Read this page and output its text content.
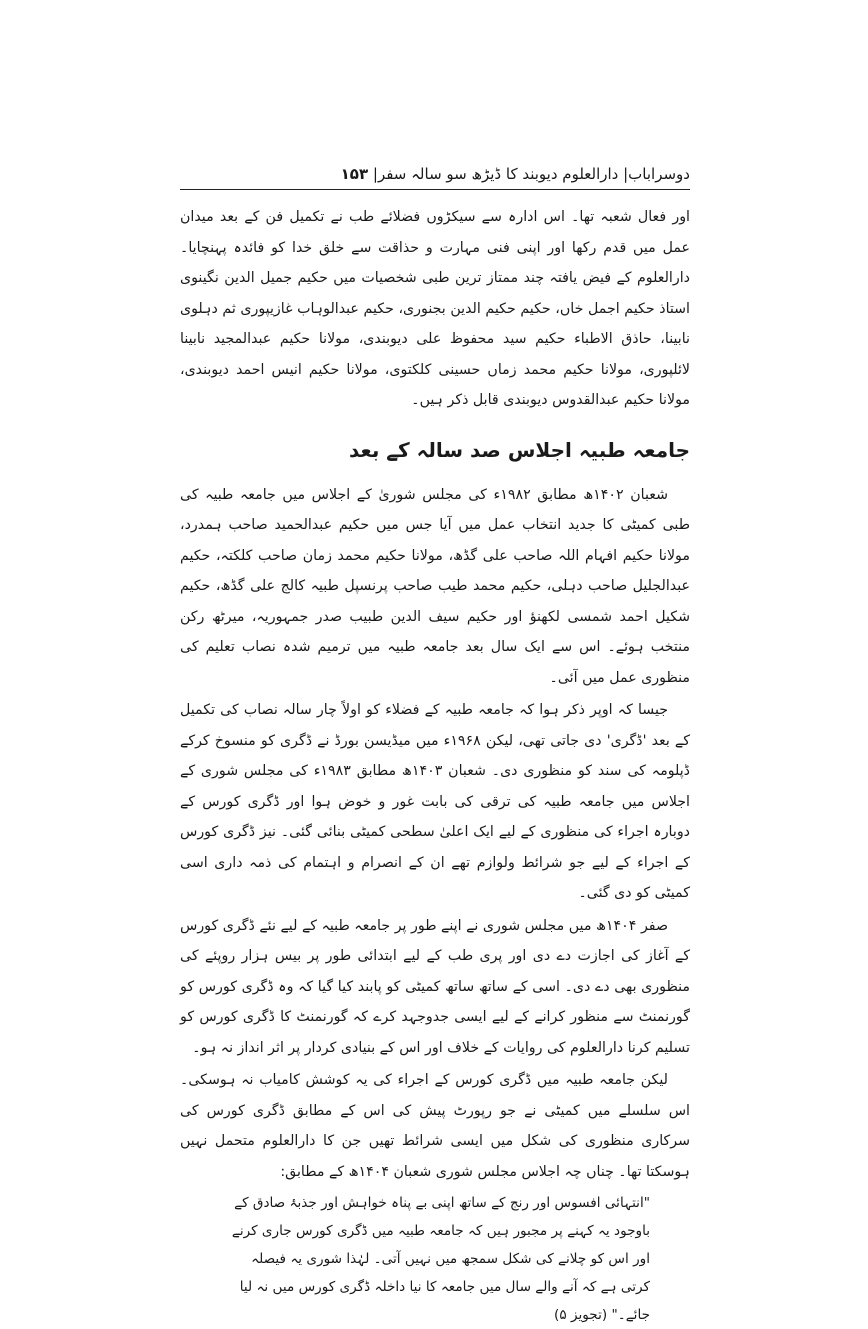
دوسراباب| دارالعلوم دیوبند کا ڈیڑھ سو سالہ سفر| ۱۵۳

اور فعال شعبہ تھا۔ اس ادارہ سے سیکڑوں فضلائے طب نے تکمیل فن کے بعد میدان عمل میں قدم رکھا اور اپنی فنی مہارت و حذاقت سے خلق خدا کو فائدہ پہنچایا۔ دارالعلوم کے فیض یافتہ چند ممتاز ترین طبی شخصیات میں حکیم جمیل الدین نگینوی استاذ حکیم اجمل خاں، حکیم حکیم الدین بجنوری، حکیم عبدالوہاب غازیپوری ثم دہلوی نابینا، حاذق الاطباء حکیم سید محفوظ علی دیوبندی، مولانا حکیم عبدالمجید نابینا لائلپوری، مولانا حکیم محمد زماں حسینی کلکتوی، مولانا حکیم انیس احمد دیوبندی، مولانا حکیم عبدالقدوس دیوبندی قابل ذکر ہیں۔

جامعہ طبیہ اجلاس صد سالہ کے بعد

شعبان ۱۴۰۲ھ مطابق ۱۹۸۲ء کی مجلس شوریٰ کے اجلاس میں جامعہ طبیہ کی طبی کمیٹی کا جدید انتخاب عمل میں آیا جس میں حکیم عبدالحمید صاحب ہمدرد، مولانا حکیم افہام اللہ صاحب علی گڈھ، مولانا حکیم محمد زمان صاحب کلکتہ، حکیم عبدالجلیل صاحب دہلی، حکیم محمد طیب صاحب پرنسپل طبیہ کالج علی گڈھ، حکیم شکیل احمد شمسی لکھنؤ اور حکیم سیف الدین طبیب صدر جمہوریہ، میرٹھ رکن منتخب ہوئے۔ اس سے ایک سال بعد جامعہ طبیہ میں ترمیم شدہ نصاب تعلیم کی منظوری عمل میں آئی۔

جیسا کہ اوپر ذکر ہوا کہ جامعہ طبیہ کے فضلاء کو اولاً چار سالہ نصاب کی تکمیل کے بعد 'ڈگری' دی جاتی تھی، لیکن ۱۹۶۸ء میں میڈیسن بورڈ نے ڈگری کو منسوخ کرکے ڈپلومہ کی سند کو منظوری دی۔ شعبان ۱۴۰۳ھ مطابق ۱۹۸۳ء کی مجلس شوری کے اجلاس میں جامعہ طبیہ کی ترقی کی بابت غور و خوض ہوا اور ڈگری کورس کے دوبارہ اجراء کی منظوری کے لیے ایک اعلیٰ سطحی کمیٹی بنائی گئی۔ نیز ڈگری کورس کے اجراء کے لیے جو شرائط ولوازم تھے ان کے انصرام و اہتمام کی ذمہ داری اسی کمیٹی کو دی گئی۔

صفر ۱۴۰۴ھ میں مجلس شوری نے اپنے طور پر جامعہ طبیہ کے لیے نئے ڈگری کورس کے آغاز کی اجازت دے دی اور پری طب کے لیے ابتدائی طور پر بیس ہزار روپئے کی منظوری بھی دے دی۔ اسی کے ساتھ ساتھ کمیٹی کو پابند کیا گیا کہ وہ ڈگری کورس کو گورنمنٹ سے منظور کرانے کے لیے ایسی جدوجہد کرے کہ گورنمنٹ کا ڈگری کورس کو تسلیم کرنا دارالعلوم کی روایات کے خلاف اور اس کے بنیادی کردار پر اثر انداز نہ ہو۔

لیکن جامعہ طبیہ میں ڈگری کورس کے اجراء کی یہ کوشش کامیاب نہ ہوسکی۔ اس سلسلے میں کمیٹی نے جو رپورٹ پیش کی اس کے مطابق ڈگری کورس کی سرکاری منظوری کی شکل میں ایسی شرائط تھیں جن کا دارالعلوم متحمل نہیں ہوسکتا تھا۔ چناں چہ اجلاس مجلس شوری شعبان ۱۴۰۴ھ کے مطابق:

"انتہائی افسوس اور رنج کے ساتھ اپنی بے پناہ خواہش اور جذبۂ صادق کے باوجود یہ کہنے پر مجبور ہیں کہ جامعہ طبیہ میں ڈگری کورس جاری کرنے اور اس کو چلانے کی شکل سمجھ میں نہیں آتی۔ لہٰذا شوری یہ فیصلہ کرتی ہے کہ آنے والے سال میں جامعہ کا نیا داخلہ ڈگری کورس میں نہ لیا جائے۔" (تجویز ۵)
